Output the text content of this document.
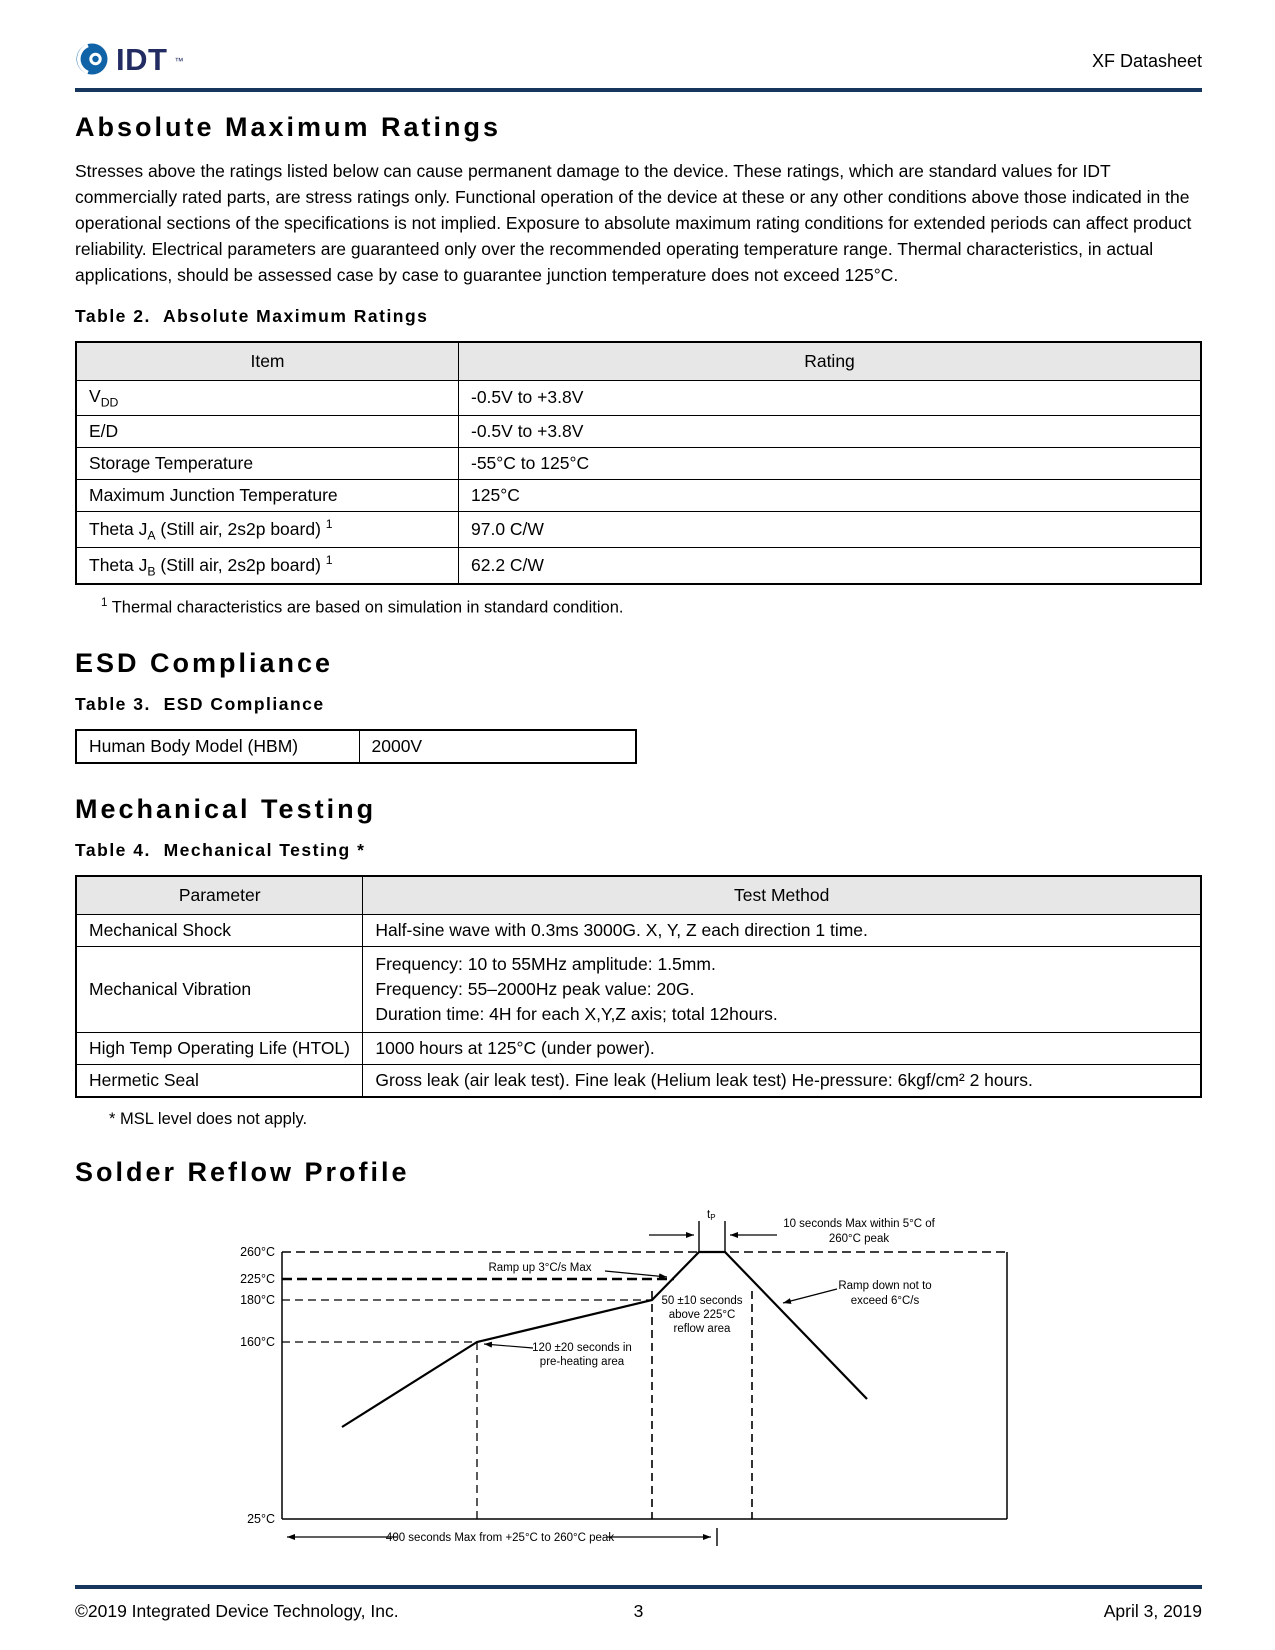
IDT ™	XF Datasheet
Absolute Maximum Ratings

Stresses above the ratings listed below can cause permanent damage to the device. These ratings, which are standard values for IDT commercially rated parts, are stress ratings only. Functional operation of the device at these or any other conditions above those indicated in the operational sections of the specifications is not implied. Exposure to absolute maximum rating conditions for extended periods can affect product reliability. Electrical parameters are guaranteed only over the recommended operating temperature range. Thermal characteristics, in actual applications, should be assessed case by case to guarantee junction temperature does not exceed 125°C.

Table 2.  Absolute Maximum Ratings
Item	Rating
$V_{DD}$	-0.5V to +3.8V
E/D	-0.5V to +3.8V
Storage Temperature	-55°C to 125°C
Maximum Junction Temperature	125°C
Theta $J_A$ (Still air, 2s2p board) $^1$	97.0 C/W
Theta $J_B$ (Still air, 2s2p board) $^1$	62.2 C/W
$^1$ Thermal characteristics are based on simulation in standard condition.
ESD Compliance
Table 3.  ESD Compliance
Human Body Model (HBM)	2000V
Mechanical Testing
Table 4.  Mechanical Testing *
Parameter	Test Method
Mechanical Shock	Half-sine wave with 0.3ms 3000G. X, Y, Z each direction 1 time.
Mechanical Vibration	Frequency: 10 to 55MHz amplitude: 1.5mm.
Frequency: 55–2000Hz peak value: 20G.
Duration time: 4H for each X,Y,Z axis; total 12hours.

High Temp Operating Life (HTOL)	1000 hours at 125°C (under power).
Hermetic Seal	Gross leak (air leak test). Fine leak (Helium leak test) He-pressure: 6kgf/cm² 2 hours.
* MSL level does not apply.
Solder Reflow Profile
tP
10 seconds Max within 5°C of
260°C peak
Ramp up 3°C/s Max
Ramp down not to
exceed 6°C/s
50 ±10 seconds
above 225°C
reflow area
120 ±20 seconds in
pre-heating area
260°C
225°C
180°C
160°C
25°C
400 seconds Max from +25°C to 260°C peak
©2019 Integrated Device Technology, Inc.	3	April 3, 2019
